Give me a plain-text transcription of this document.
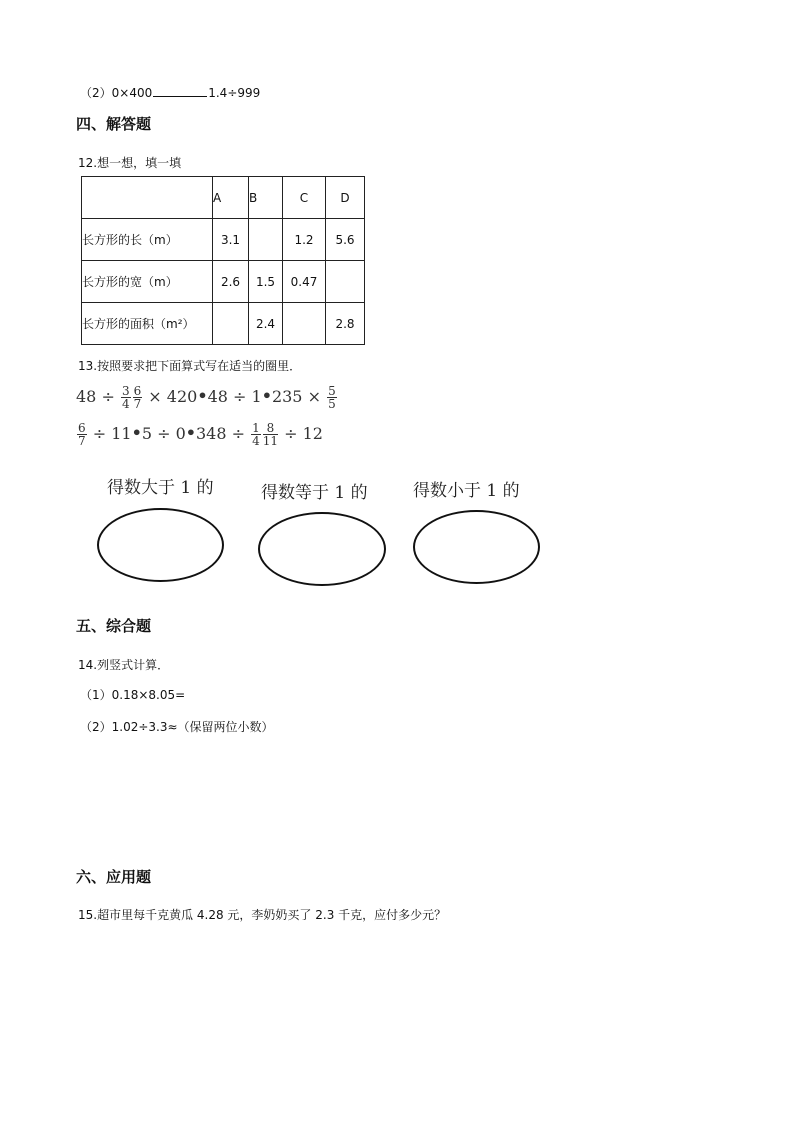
（2）0×400	1.4÷999
四、解答题
12.想一想，填一填
	A	B	C	D
长方形的长（m）	3.1		1.2	5.6
长方形的宽（m）	2.6	1.5	0.47	
长方形的面积（m²）		2.4		2.8
13.按照要求把下面算式写在适当的圈里．
$48 \div \frac{3}{4} \frac{6}{7}$ × 420•48 ÷ 1•235 × $\frac{5}{5}$
$\frac{6}{7}$ ÷ 11•5 ÷ 0•348 ÷ $\frac{1}{4} \frac{8}{11} \div 12$
得数大于 1 的	得数等于 1 的	得数小于 1 的
五、综合题
14.列竖式计算．
（1）0.18×8.05=
（2）1.02÷3.3≈（保留两位小数）
六、应用题
15.超市里每千克黄瓜 4.28 元，李奶奶买了 2.3 千克，应付多少元？
